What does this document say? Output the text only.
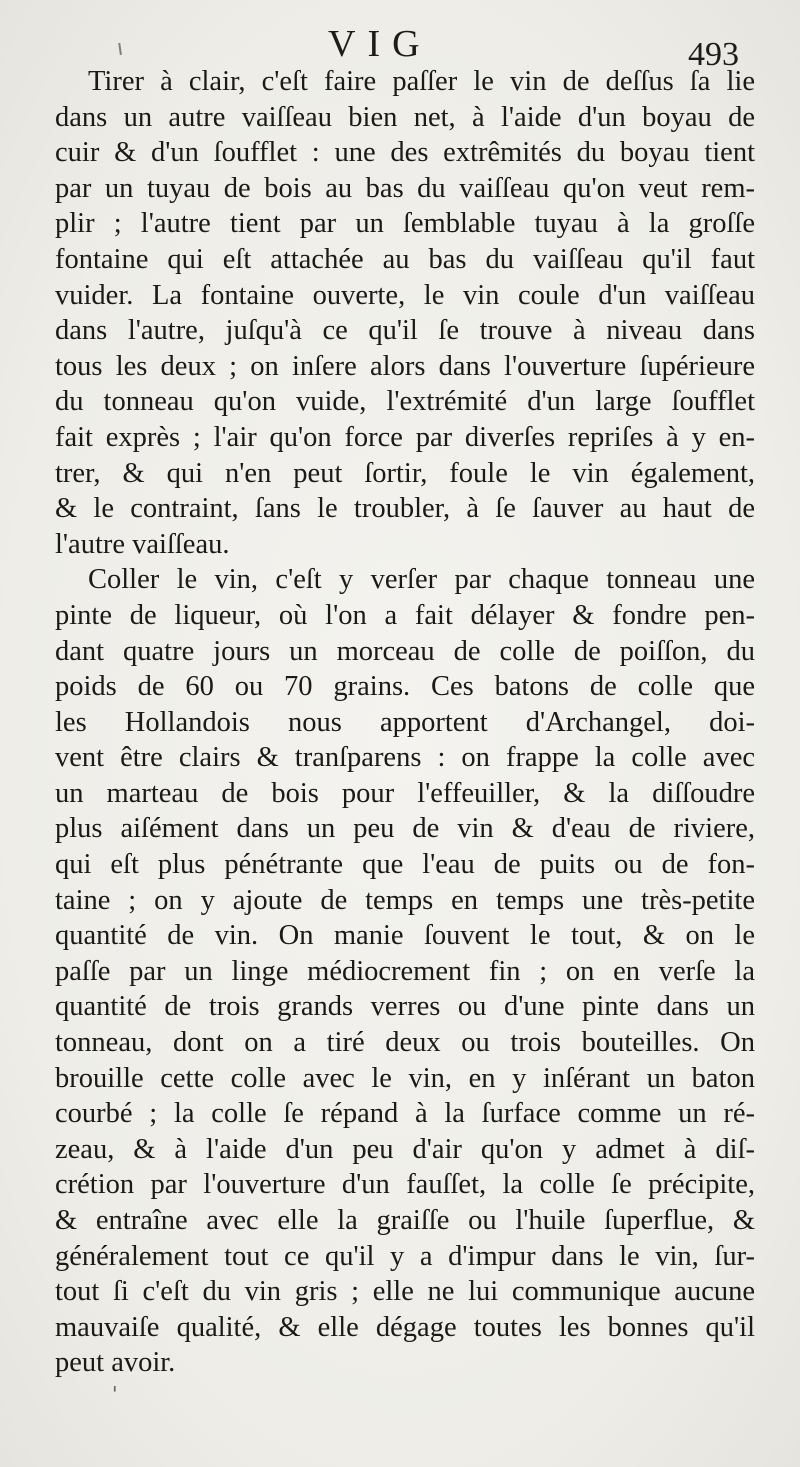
ı	VIG	493

Tirer à clair, c'eſt faire paſſer le vin de deſſus ſa lie
dans un autre vaiſſeau bien net, à l'aide d'un boyau de
cuir & d'un ſoufflet : une des extrêmités du boyau tient
par un tuyau de bois au bas du vaiſſeau qu'on veut rem-
plir ; l'autre tient par un ſemblable tuyau à la groſſe
fontaine qui eſt attachée au bas du vaiſſeau qu'il faut
vuider. La fontaine ouverte, le vin coule d'un vaiſſeau
dans l'autre, juſqu'à ce qu'il ſe trouve à niveau dans
tous les deux ; on inſere alors dans l'ouverture ſupérieure
du tonneau qu'on vuide, l'extrémité d'un large ſoufflet
fait exprès ; l'air qu'on force par diverſes repriſes à y en-
trer, & qui n'en peut ſortir, foule le vin également,
& le contraint, ſans le troubler, à ſe ſauver au haut de
l'autre vaiſſeau.

Coller le vin, c'eſt y verſer par chaque tonneau une
pinte de liqueur, où l'on a fait délayer & fondre pen-
dant quatre jours un morceau de colle de poiſſon, du
poids de 60 ou 70 grains. Ces batons de colle que
les Hollandois nous apportent d'Archangel, doi-
vent être clairs & tranſparens : on frappe la colle avec
un marteau de bois pour l'effeuiller, & la diſſoudre
plus aiſément dans un peu de vin & d'eau de riviere,
qui eſt plus pénétrante que l'eau de puits ou de fon-
taine ; on y ajoute de temps en temps une très-petite
quantité de vin. On manie ſouvent le tout, & on le
paſſe par un linge médiocrement fin ; on en verſe la
quantité de trois grands verres ou d'une pinte dans un
tonneau, dont on a tiré deux ou trois bouteilles. On
brouille cette colle avec le vin, en y inſérant un baton
courbé ; la colle ſe répand à la ſurface comme un ré-
zeau, & à l'aide d'un peu d'air qu'on y admet à diſ-
crétion par l'ouverture d'un fauſſet, la colle ſe précipite,
& entraîne avec elle la graiſſe ou l'huile ſuperflue, &
généralement tout ce qu'il y a d'impur dans le vin, ſur-
tout ſi c'eſt du vin gris ; elle ne lui communique aucune
mauvaiſe qualité, & elle dégage toutes les bonnes qu'il
peut avoir.

'
